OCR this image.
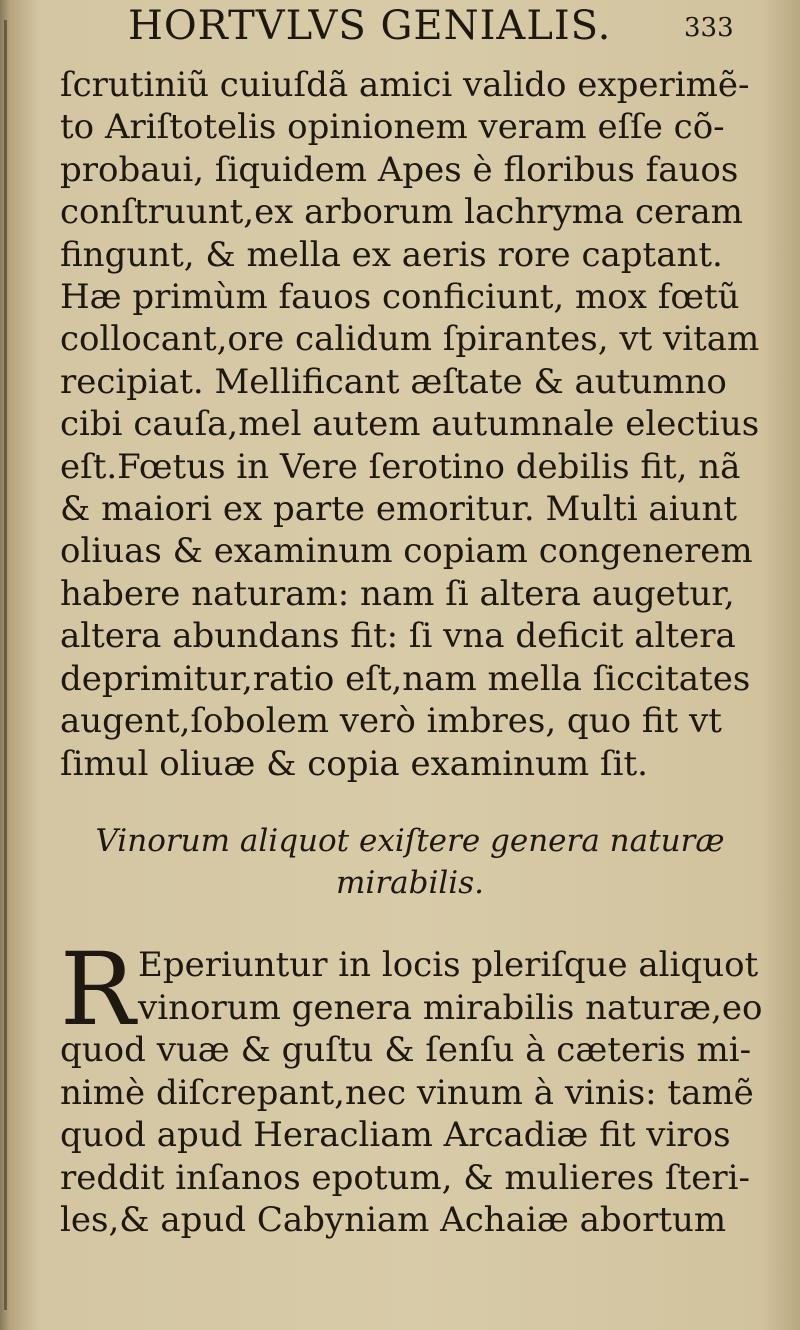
HORTVLVS GENIALIS.	333
ſcrutiniũ cuiuſdã amici valido experimẽ-
to Ariſtotelis opinionem veram eſſe cõ-
probaui, ſiquidem Apes è floribus fauos
conſtruunt,ex arborum lachryma ceram
fingunt, & mella ex aeris rore captant.
Hæ primùm fauos conficiunt, mox fœtũ
collocant,ore calidum ſpirantes, vt vitam
recipiat. Mellificant æſtate & autumno
cibi cauſa,mel autem autumnale electius
eſt.Fœtus in Vere ſerotino debilis fit, nã
& maiori ex parte emoritur. Multi aiunt
oliuas & examinum copiam congenerem
habere naturam: nam ſi altera augetur,
altera abundans fit: ſi vna deficit altera
deprimitur,ratio eſt,nam mella ſiccitates
augent,ſobolem verò imbres, quo fit vt
ſimul oliuæ & copia examinum ſit.
Vinorum aliquot exiſtere genera naturæ
mirabilis.
R Eperiuntur in locis pleriſque aliquot
vinorum genera mirabilis naturæ,eo
quod vuæ & guſtu & ſenſu à cæteris mi-
nimè diſcrepant,nec vinum à vinis: tamẽ
quod apud Heracliam Arcadiæ fit viros
reddit inſanos epotum, & mulieres ſteri-
les,& apud Cabyniam Achaiæ abortum
